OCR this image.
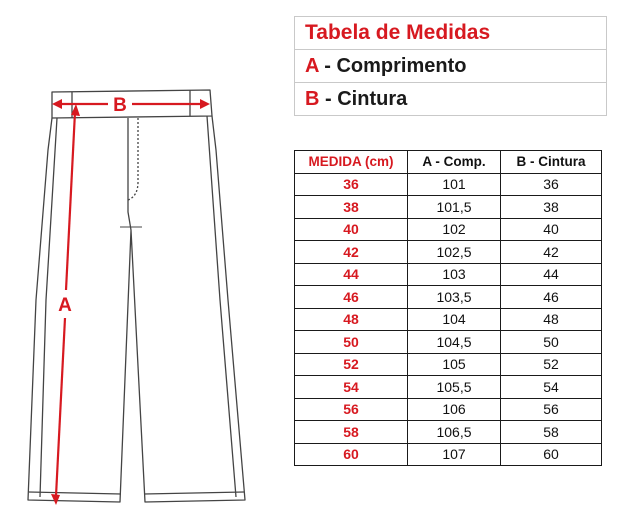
B
A
Tabela de Medidas
A - Comprimento
B - Cintura
MEDIDA (cm)	A - Comp.	B - Cintura
36	101	36
38	101,5	38
40	102	40
42	102,5	42
44	103	44
46	103,5	46
48	104	48
50	104,5	50
52	105	52
54	105,5	54
56	106	56
58	106,5	58
60	107	60
